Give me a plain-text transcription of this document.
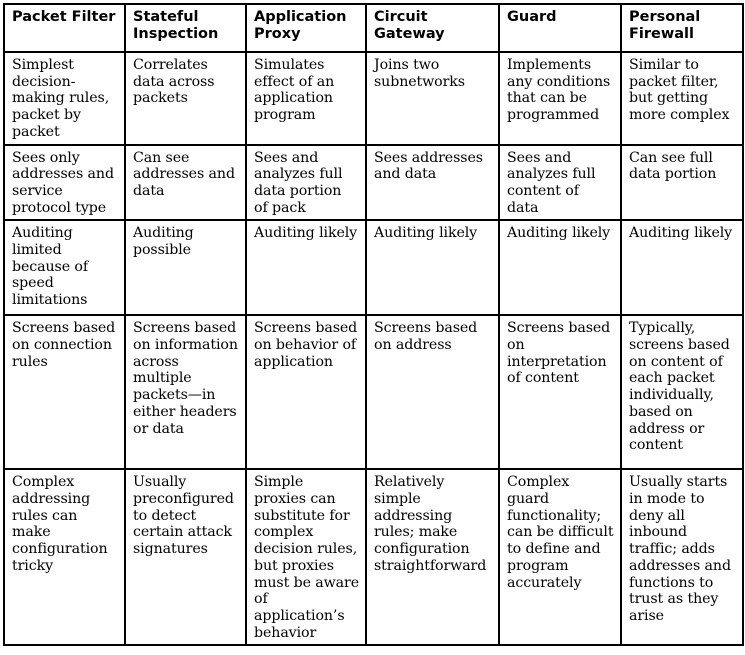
Packet Filter	Stateful Inspection	Application Proxy	Circuit Gateway	Guard	Personal Firewall
Simplest decision-making rules, packet by packet	Correlates data across packets	Simulates effect of an application program	Joins two subnetworks	Implements any conditions that can be programmed	Similar to packet filter, but getting more complex
Sees only addresses and service protocol type	Can see addresses and data	Sees and analyzes full data portion of pack	Sees addresses and data	Sees and analyzes full content of data	Can see full data portion
Auditing limited because of speed limitations	Auditing possible	Auditing likely	Auditing likely	Auditing likely	Auditing likely
Screens based on connection rules	Screens based on information across multiple packets—in either headers or data	Screens based on behavior of application	Screens based on address	Screens based on interpretation of content	Typically, screens based on content of each packet individually, based on address or content
Complex addressing rules can make configuration tricky	Usually preconfigured to detect certain attack signatures	Simple proxies can substitute for complex decision rules, but proxies must be aware of application’s behavior	Relatively simple addressing rules; make configuration straightforward	Complex guard functionality; can be difficult to define and program accurately	Usually starts in mode to deny all inbound traffic; adds addresses and functions to trust as they arise
